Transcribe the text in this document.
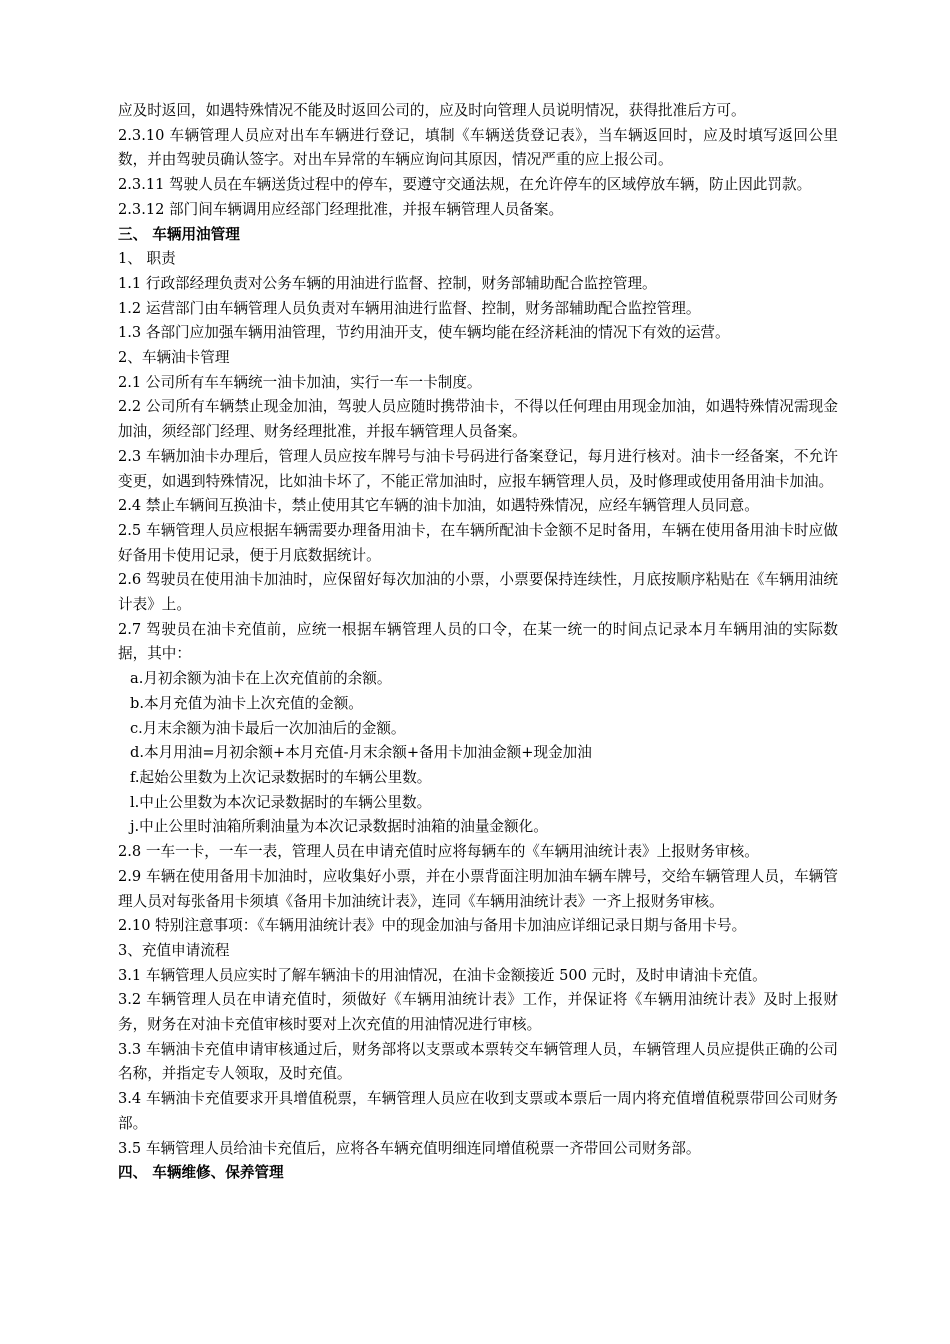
应及时返回，如遇特殊情况不能及时返回公司的，应及时向管理人员说明情况，获得批准后方可。

2.3.10 车辆管理人员应对出车车辆进行登记，填制《车辆送货登记表》，当车辆返回时，应及时填写返回公里数，并由驾驶员确认签字。对出车异常的车辆应询问其原因，情况严重的应上报公司。

2.3.11 驾驶人员在车辆送货过程中的停车，要遵守交通法规，在允许停车的区域停放车辆，防止因此罚款。

2.3.12 部门间车辆调用应经部门经理批准，并报车辆管理人员备案。

三、 车辆用油管理

1、 职责

1.1 行政部经理负责对公务车辆的用油进行监督、控制，财务部辅助配合监控管理。

1.2 运营部门由车辆管理人员负责对车辆用油进行监督、控制，财务部辅助配合监控管理。

1.3 各部门应加强车辆用油管理，节约用油开支，使车辆均能在经济耗油的情况下有效的运营。

2、车辆油卡管理

2.1 公司所有车车辆统一油卡加油，实行一车一卡制度。

2.2 公司所有车辆禁止现金加油，驾驶人员应随时携带油卡，不得以任何理由用现金加油，如遇特殊情况需现金加油，须经部门经理、财务经理批准，并报车辆管理人员备案。

2.3 车辆加油卡办理后，管理人员应按车牌号与油卡号码进行备案登记，每月进行核对。油卡一经备案，不允许变更，如遇到特殊情况，比如油卡坏了，不能正常加油时，应报车辆管理人员，及时修理或使用备用油卡加油。

2.4 禁止车辆间互换油卡，禁止使用其它车辆的油卡加油，如遇特殊情况，应经车辆管理人员同意。

2.5 车辆管理人员应根据车辆需要办理备用油卡，在车辆所配油卡金额不足时备用，车辆在使用备用油卡时应做好备用卡使用记录，便于月底数据统计。

2.6 驾驶员在使用油卡加油时，应保留好每次加油的小票，小票要保持连续性，月底按顺序粘贴在《车辆用油统计表》上。

2.7 驾驶员在油卡充值前，应统一根据车辆管理人员的口令，在某一统一的时间点记录本月车辆用油的实际数据，其中：

a.月初余额为油卡在上次充值前的余额。

b.本月充值为油卡上次充值的金额。

c.月末余额为油卡最后一次加油后的金额。

d.本月用油=月初余额+本月充值-月末余额+备用卡加油金额+现金加油

f.起始公里数为上次记录数据时的车辆公里数。

l.中止公里数为本次记录数据时的车辆公里数。

j.中止公里时油箱所剩油量为本次记录数据时油箱的油量金额化。

2.8 一车一卡，一车一表，管理人员在申请充值时应将每辆车的《车辆用油统计表》上报财务审核。

2.9 车辆在使用备用卡加油时，应收集好小票，并在小票背面注明加油车辆车牌号，交给车辆管理人员，车辆管理人员对每张备用卡须填《备用卡加油统计表》，连同《车辆用油统计表》一齐上报财务审核。

2.10 特别注意事项：《车辆用油统计表》中的现金加油与备用卡加油应详细记录日期与备用卡号。

3、充值申请流程

3.1 车辆管理人员应实时了解车辆油卡的用油情况，在油卡金额接近 500 元时，及时申请油卡充值。

3.2 车辆管理人员在申请充值时，须做好《车辆用油统计表》工作，并保证将《车辆用油统计表》及时上报财务，财务在对油卡充值审核时要对上次充值的用油情况进行审核。

3.3 车辆油卡充值申请审核通过后，财务部将以支票或本票转交车辆管理人员，车辆管理人员应提供正确的公司名称，并指定专人领取，及时充值。

3.4 车辆油卡充值要求开具增值税票，车辆管理人员应在收到支票或本票后一周内将充值增值税票带回公司财务部。

3.5 车辆管理人员给油卡充值后，应将各车辆充值明细连同增值税票一齐带回公司财务部。

四、 车辆维修、保养管理
